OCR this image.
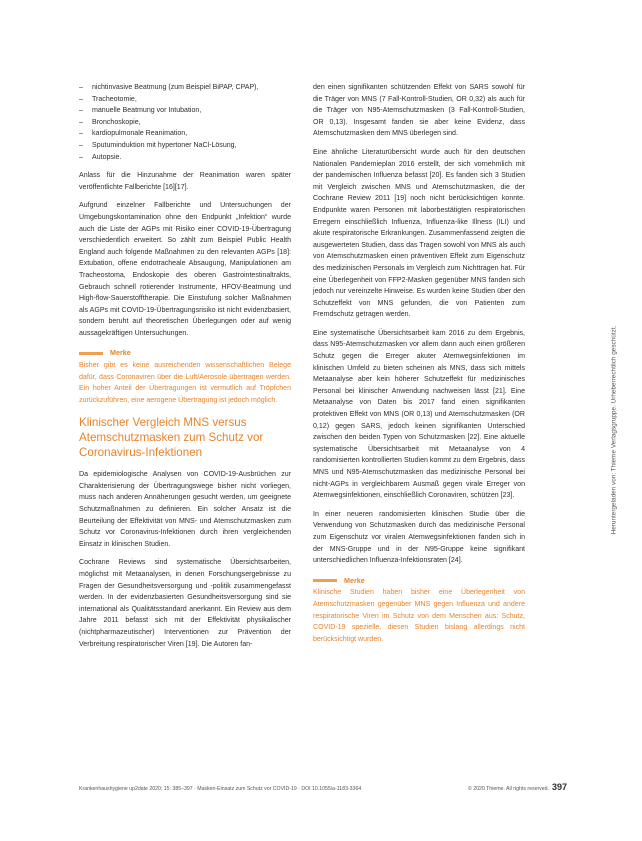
– nichtinvasive Beatmung (zum Beispiel BiPAP, CPAP),
– Tracheotomie,
– manuelle Beatmung vor Intubation,
– Bronchoskopie,
– kardiopulmonale Reanimation,
– Sputuminduktion mit hypertoner NaCl-Lösung,
– Autopsie.

Anlass für die Hinzunahme der Reanimation waren später veröffentlichte Fallberichte [16][17].

Aufgrund einzelner Fallberichte und Untersuchungen der Umgebungskontamination ohne den Endpunkt „Infektion“ wurde auch die Liste der AGPs mit Risiko einer COVID-19-Übertragung verschiedentlich erweitert. So zählt zum Beispiel Public Health England auch folgende Maßnahmen zu den relevanten AGPs [18]: Extubation, offene endotracheale Absaugung, Manipulationen am Tracheostoma, Endoskopie des oberen Gastrointestinaltrakts, Gebrauch schnell rotierender Instrumente, HFOV-Beatmung und High-flow-Sauerstofftherapie. Die Einstufung solcher Maßnahmen als AGPs mit COVID-19-Übertragungsrisiko ist nicht evidenzbasiert, sondern beruht auf theoretischen Überlegungen oder auf wenig aussagekräftigen Untersuchungen.

Merke
Bisher gibt es keine ausreichenden wissenschaftlichen Belege dafür, dass Coronaviren über die Luft/Aerosole übertragen werden. Ein hoher Anteil der Übertragungen ist vermutlich auf Tröpfchen zurückzuführen, eine aerogene Übertragung ist jedoch möglich.
Klinischer Vergleich MNS versus Atemschutzmasken zum Schutz vor Coronavirus-Infektionen

Da epidemiologische Analysen von COVID-19-Ausbrüchen zur Charakterisierung der Übertragungswege bisher nicht vorliegen, muss nach anderen Annäherungen gesucht werden, um geeignete Schutzmaßnahmen zu definieren. Ein solcher Ansatz ist die Beurteilung der Effektivität von MNS- und Atemschutzmasken zum Schutz vor Coronavirus-Infektionen durch ihren vergleichenden Einsatz in klinischen Studien.

Cochrane Reviews sind systematische Übersichtsarbeiten, möglichst mit Metaanalysen, in denen Forschungsergebnisse zu Fragen der Gesundheitsversorgung und -politik zusammengefasst werden. In der evidenzbasierten Gesundheitsversorgung sind sie international als Qualitätsstandard anerkannt. Ein Review aus dem Jahre 2011 befasst sich mit der Effektivität physikalischer (nichtpharmazeutischer) Interventionen zur Prävention der Verbreitung respiratorischer Viren [19]. Die Autoren fan-

den einen signifikanten schützenden Effekt von SARS sowohl für die Träger von MNS (7 Fall-Kontroll-Studien, OR 0,32) als auch für die Träger von N95-Atemschutzmasken (3 Fall-Kontroll-Studien, OR 0,13). Insgesamt fanden sie aber keine Evidenz, dass Atemschutzmasken dem MNS überlegen sind.

Eine ähnliche Literaturübersicht wurde auch für den deutschen Nationalen Pandemieplan 2016 erstellt, der sich vornehmlich mit der pandemischen Influenza befasst [20]. Es fanden sich 3 Studien mit Vergleich zwischen MNS und Atemschutzmasken, die der Cochrane Review 2011 [19] noch nicht berücksichtigen konnte. Endpunkte waren Personen mit laborbestätigten respiratorischen Erregern einschließlich Influenza, Influenza-like Illness (ILI) und akute respiratorische Erkrankungen. Zusammenfassend zeigten die ausgewerteten Studien, dass das Tragen sowohl von MNS als auch von Atemschutzmasken einen präventiven Effekt zum Eigenschutz des medizinischen Personals im Vergleich zum Nichttragen hat. Für eine Überlegenheit von FFP2-Masken gegenüber MNS fanden sich jedoch nur vereinzelte Hinweise. Es wurden keine Studien über den Schutzeffekt von MNS gefunden, die von Patienten zum Fremdschutz getragen werden.

Eine systematische Übersichtsarbeit kam 2016 zu dem Ergebnis, dass N95-Atemschutzmasken vor allem dann auch einen größeren Schutz gegen die Erreger akuter Atemwegsinfektionen im klinischen Umfeld zu bieten scheinen als MNS, dass sich mittels Metaanalyse aber kein höherer Schutzeffekt für medizinisches Personal bei klinischer Anwendung nachweisen lässt [21]. Eine Metaanalyse von Daten bis 2017 fand einen signifikanten protektiven Effekt von MNS (OR 0,13) und Atemschutzmasken (OR 0,12) gegen SARS, jedoch keinen signifikanten Unterschied zwischen den beiden Typen von Schutzmasken [22]. Eine aktuelle systematische Übersichtsarbeit mit Metaanalyse von 4 randomisierten kontrollierten Studien kommt zu dem Ergebnis, dass MNS und N95-Atemschutzmasken das medizinische Personal bei nicht-AGPs in vergleichbarem Ausmaß gegen virale Erreger von Atemwegsinfektionen, einschließlich Coronaviren, schützen [23].

In einer neueren randomisierten klinischen Studie über die Verwendung von Schutzmasken durch das medizinische Personal zum Eigenschutz vor viralen Atemwegsinfektionen fanden sich in der MNS-Gruppe und in der N95-Gruppe keine signifikant unterschiedlichen Influenza-Infektionsraten [24].

Merke
Klinische Studien haben bisher eine Überlegenheit von Atemschutzmasken gegenüber MNS gegen Influenza und andere respiratorische Viren im Schutz von dem Menschen aus: Schutz, COVID-19 spezielle, diesen Studien bislang allerdings nicht berücksichtigt wurden.
Krankenhaushygiene up2date 2020; 15: 385–397 · Masken-Einsatz zum Schutz vor COVID-19 · DOI 10.1055/a-1183-3364	© 2020 Thieme. All rights reserved. 397
Heruntergeladen von: Thieme Verlagsgruppe. Urheberrechtlich geschützt.
